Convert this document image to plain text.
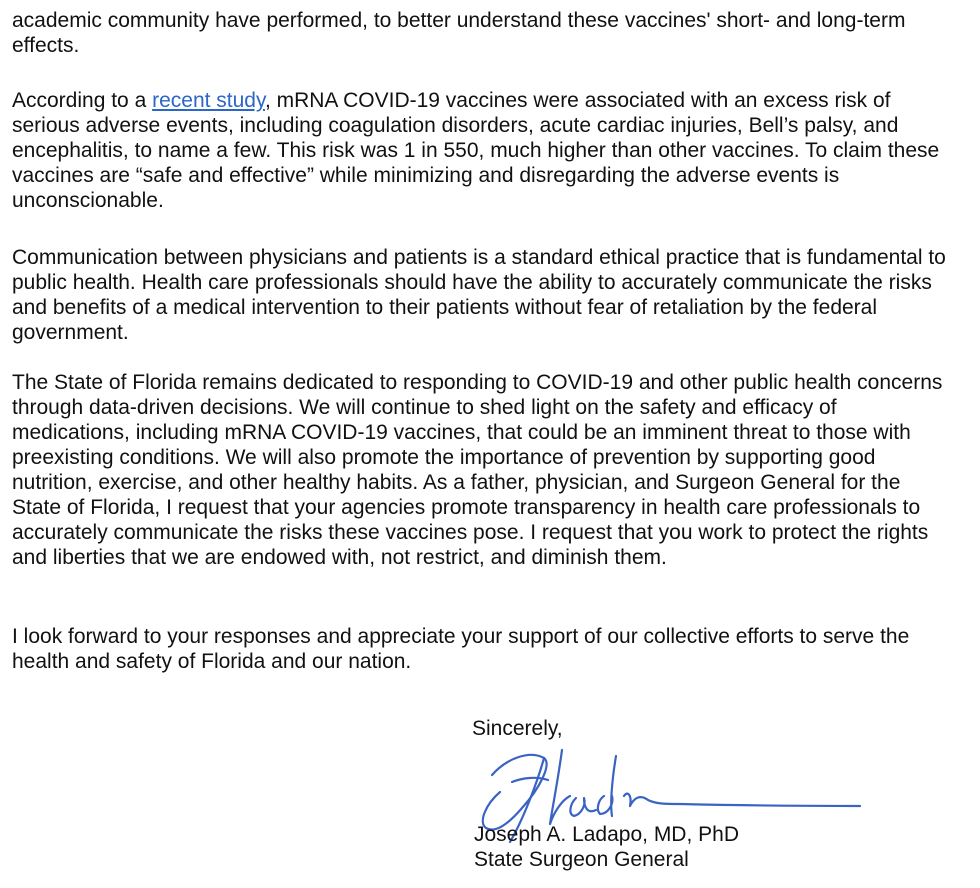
academic community have performed, to better understand these vaccines' short- and long-term effects.

According to a recent study, mRNA COVID-19 vaccines were associated with an excess risk of serious adverse events, including coagulation disorders, acute cardiac injuries, Bell’s palsy, and encephalitis, to name a few. This risk was 1 in 550, much higher than other vaccines. To claim these vaccines are “safe and effective” while minimizing and disregarding the adverse events is unconscionable.

Communication between physicians and patients is a standard ethical practice that is fundamental to public health. Health care professionals should have the ability to accurately communicate the risks and benefits of a medical intervention to their patients without fear of retaliation by the federal government.

The State of Florida remains dedicated to responding to COVID-19 and other public health concerns through data-driven decisions. We will continue to shed light on the safety and efficacy of medications, including mRNA COVID-19 vaccines, that could be an imminent threat to those with preexisting conditions. We will also promote the importance of prevention by supporting good nutrition, exercise, and other healthy habits. As a father, physician, and Surgeon General for the State of Florida, I request that your agencies promote transparency in health care professionals to accurately communicate the risks these vaccines pose. I request that you work to protect the rights and liberties that we are endowed with, not restrict, and diminish them.

I look forward to your responses and appreciate your support of our collective efforts to serve the health and safety of Florida and our nation.

Sincerely,
Joseph A. Ladapo, MD, PhD
State Surgeon General
